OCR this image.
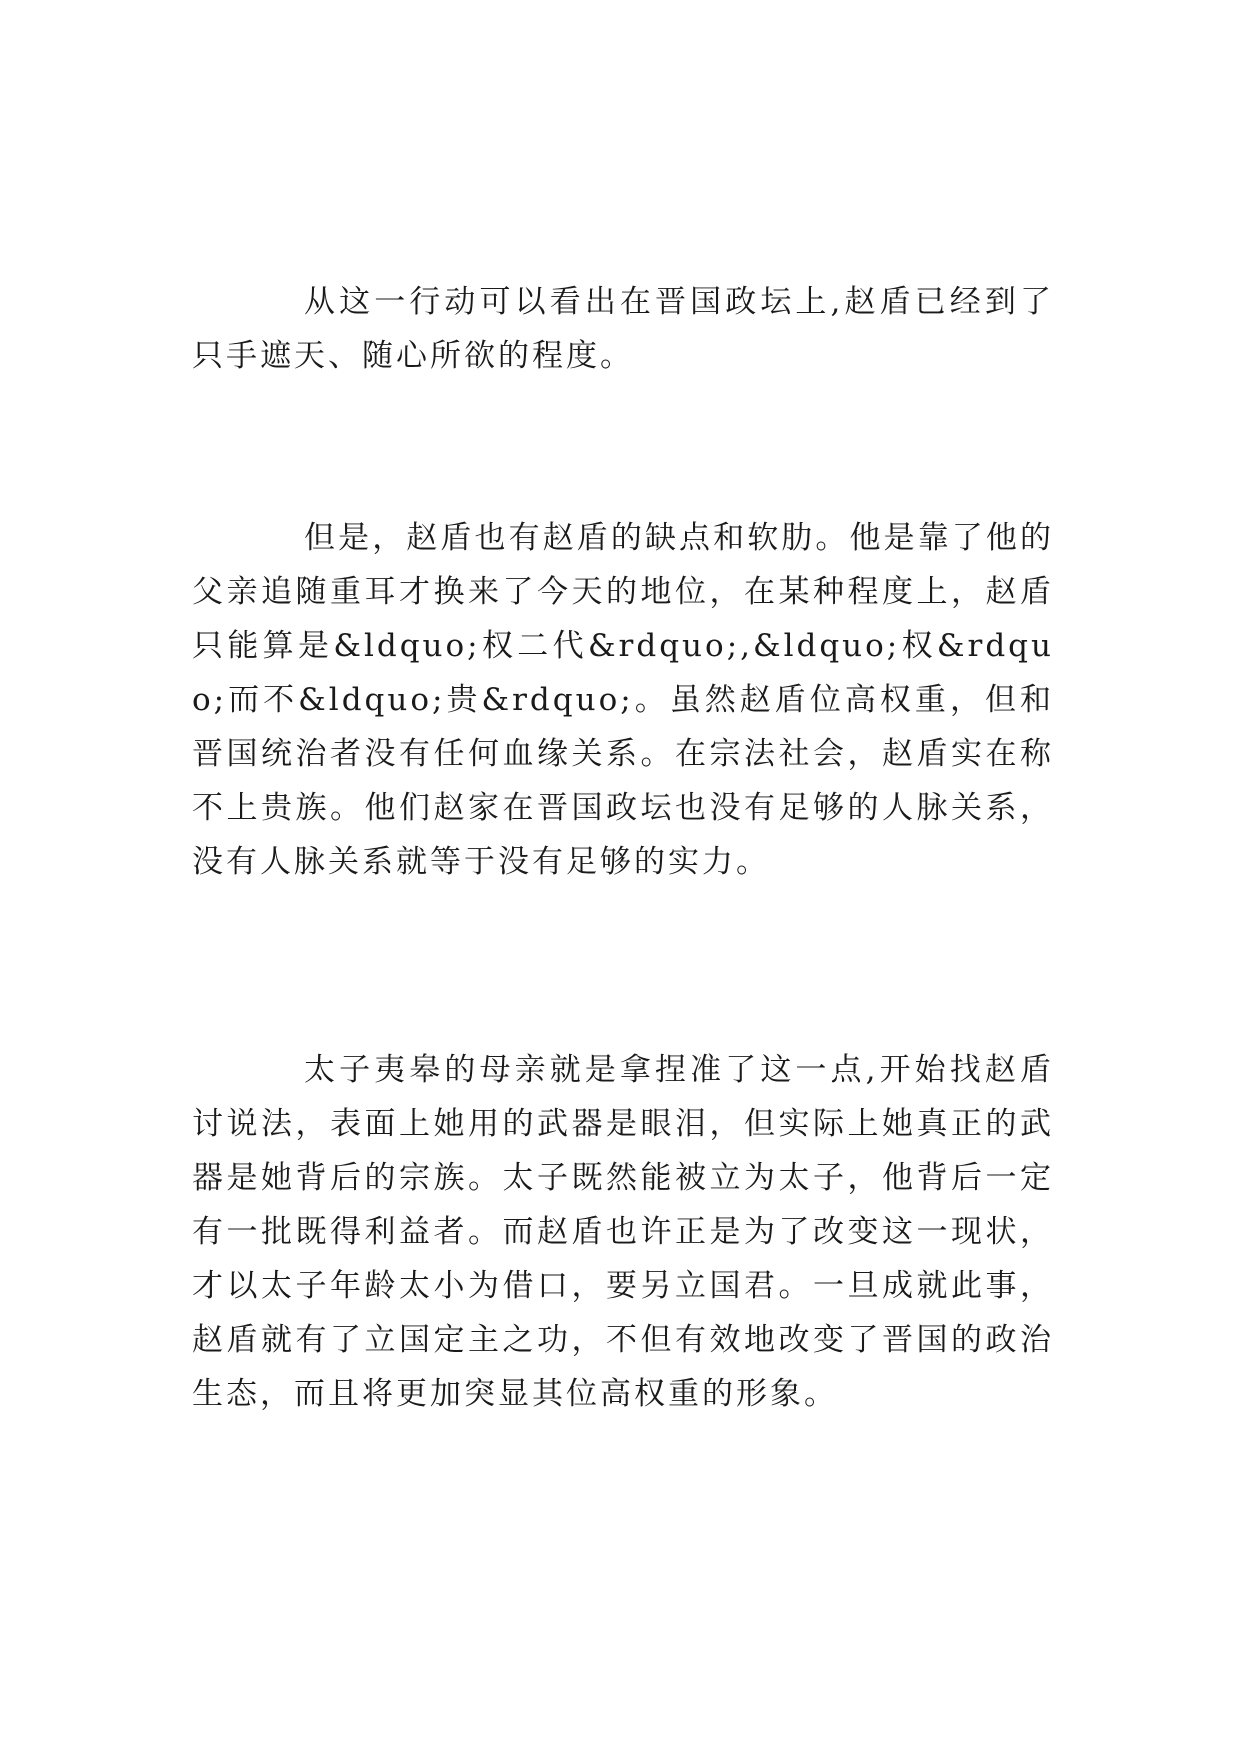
从这一行动可以看出在晋国政坛上,赵盾已经到了只手遮天、随心所欲的程度。

但是，赵盾也有赵盾的缺点和软肋。他是靠了他的父亲追随重耳才换来了今天的地位，在某种程度上，赵盾只能算是&ldquo;权二代&rdquo;,&ldquo;权&rdquo;而不&ldquo;贵&rdquo;。虽然赵盾位高权重，但和晋国统治者没有任何血缘关系。在宗法社会，赵盾实在称不上贵族。他们赵家在晋国政坛也没有足够的人脉关系，没有人脉关系就等于没有足够的实力。

太子夷皋的母亲就是拿捏准了这一点,开始找赵盾讨说法，表面上她用的武器是眼泪，但实际上她真正的武器是她背后的宗族。太子既然能被立为太子，他背后一定有一批既得利益者。而赵盾也许正是为了改变这一现状，才以太子年龄太小为借口，要另立国君。一旦成就此事，赵盾就有了立国定主之功，不但有效地改变了晋国的政治生态，而且将更加突显其位高权重的形象。
